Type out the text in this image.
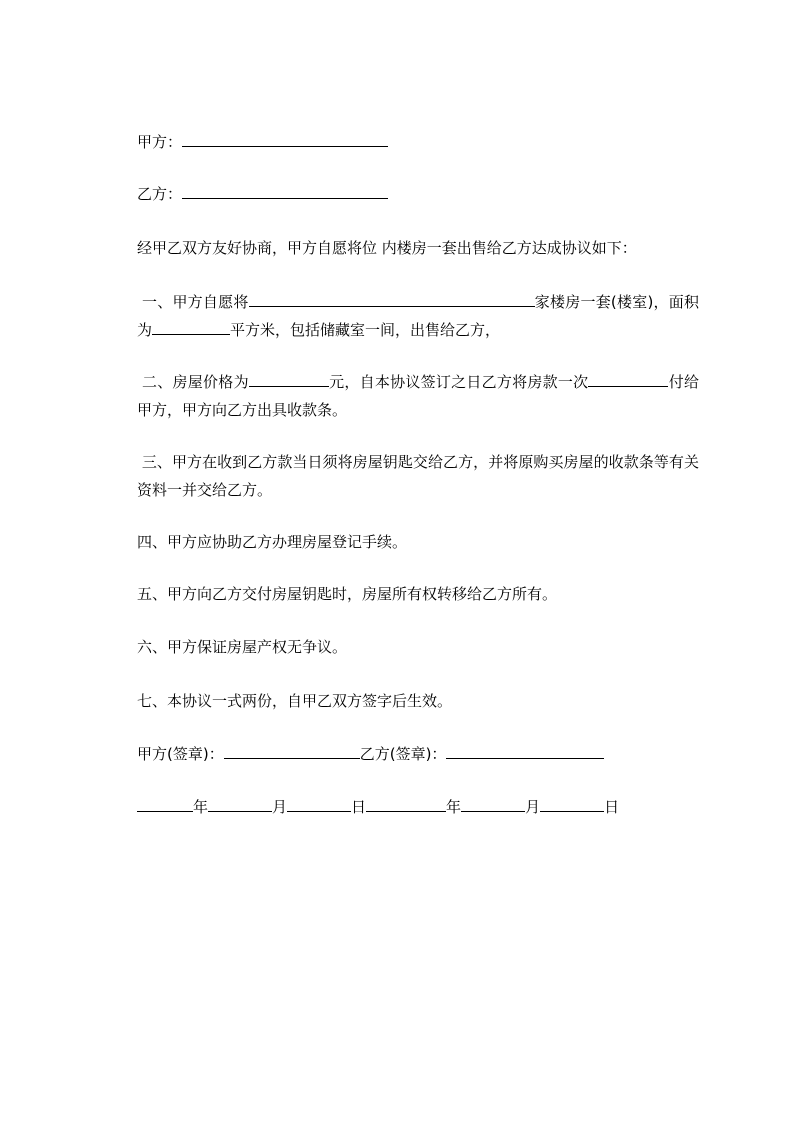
甲方：
乙方：
经甲乙双方友好协商，甲方自愿将位 内楼房一套出售给乙方达成协议如下：
一、甲方自愿将	家楼房一套(楼室)，面积为	平方米，包括储藏室一间，出售给乙方，
二、房屋价格为	元，自本协议签订之日乙方将房款一次	付给甲方，甲方向乙方出具收款条。
三、甲方在收到乙方款当日须将房屋钥匙交给乙方，并将原购买房屋的收款条等有关资料一并交给乙方。
四、甲方应协助乙方办理房屋登记手续。
五、甲方向乙方交付房屋钥匙时，房屋所有权转移给乙方所有。
六、甲方保证房屋产权无争议。
七、本协议一式两份，自甲乙双方签字后生效。
甲方(签章)：	乙方(签章)：
年	月	日	年	月	日
